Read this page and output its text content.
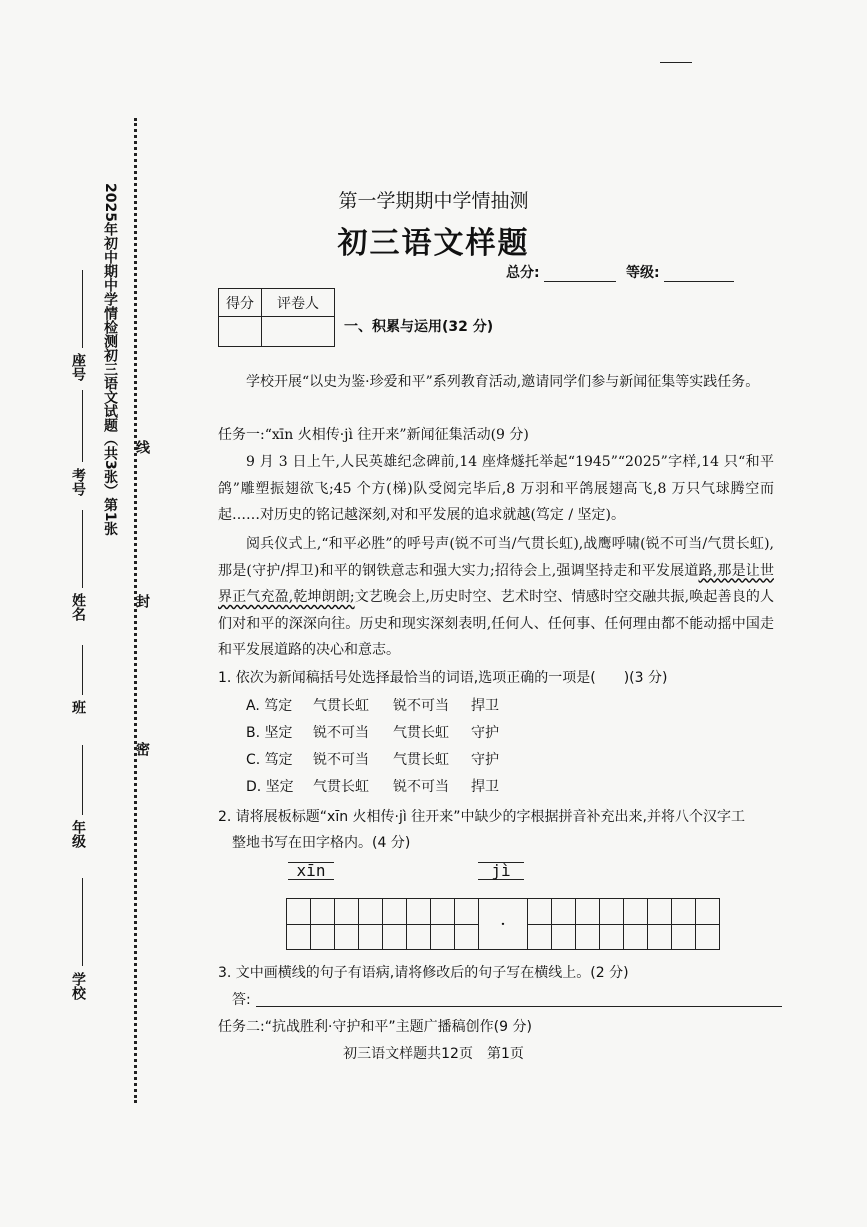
2025年初中期中学情检测初三语文试题（共3张）第1张
座号
考号
姓名
班
年级
学校
线
封
密
第一学期期中学情抽测
初三语文样题
总分:	等级:
得分	评卷人

一、积累与运用(32 分)
学校开展“以史为鉴·珍爱和平”系列教育活动,邀请同学们参与新闻征集等实践任务。
任务一:“xīn 火相传·jì 往开来”新闻征集活动(9 分)
9 月 3 日上午,人民英雄纪念碑前,14 座烽燧托举起“1945”“2025”字样,14 只“和平鸽”雕塑振翅欲飞;45 个方(梯)队受阅完毕后,8 万羽和平鸽展翅高飞,8 万只气球腾空而起……对历史的铭记越深刻,对和平发展的追求就越(笃定 / 坚定)。
阅兵仪式上,“和平必胜”的呼号声(锐不可当/气贯长虹),战鹰呼啸(锐不可当/气贯长虹),那是(守护/捍卫)和平的钢铁意志和强大实力;招待会上,强调坚持走和平发展道路,那是让世界正气充盈,乾坤朗朗;文艺晚会上,历史时空、艺术时空、情感时空交融共振,唤起善良的人们对和平的深深向往。历史和现实深刻表明,任何人、任何事、任何理由都不能动摇中国走和平发展道路的决心和意志。
1. 依次为新闻稿括号处选择最恰当的词语,选项正确的一项是(　　)(3 分)
A. 笃定 气贯长虹 锐不可当 捍卫
B. 坚定 锐不可当 气贯长虹 守护
C. 笃定 锐不可当 气贯长虹 守护
D. 坚定 气贯长虹 锐不可当 捍卫
2. 请将展板标题“xīn 火相传·jì 往开来”中缺少的字根据拼音补充出来,并将八个汉字工
整地书写在田字格内。(4 分)
xīn	jì
·
3. 文中画横线的句子有语病,请将修改后的句子写在横线上。(2 分)
答:
任务二:“抗战胜利·守护和平”主题广播稿创作(9 分)
初三语文样题共12页　第1页
